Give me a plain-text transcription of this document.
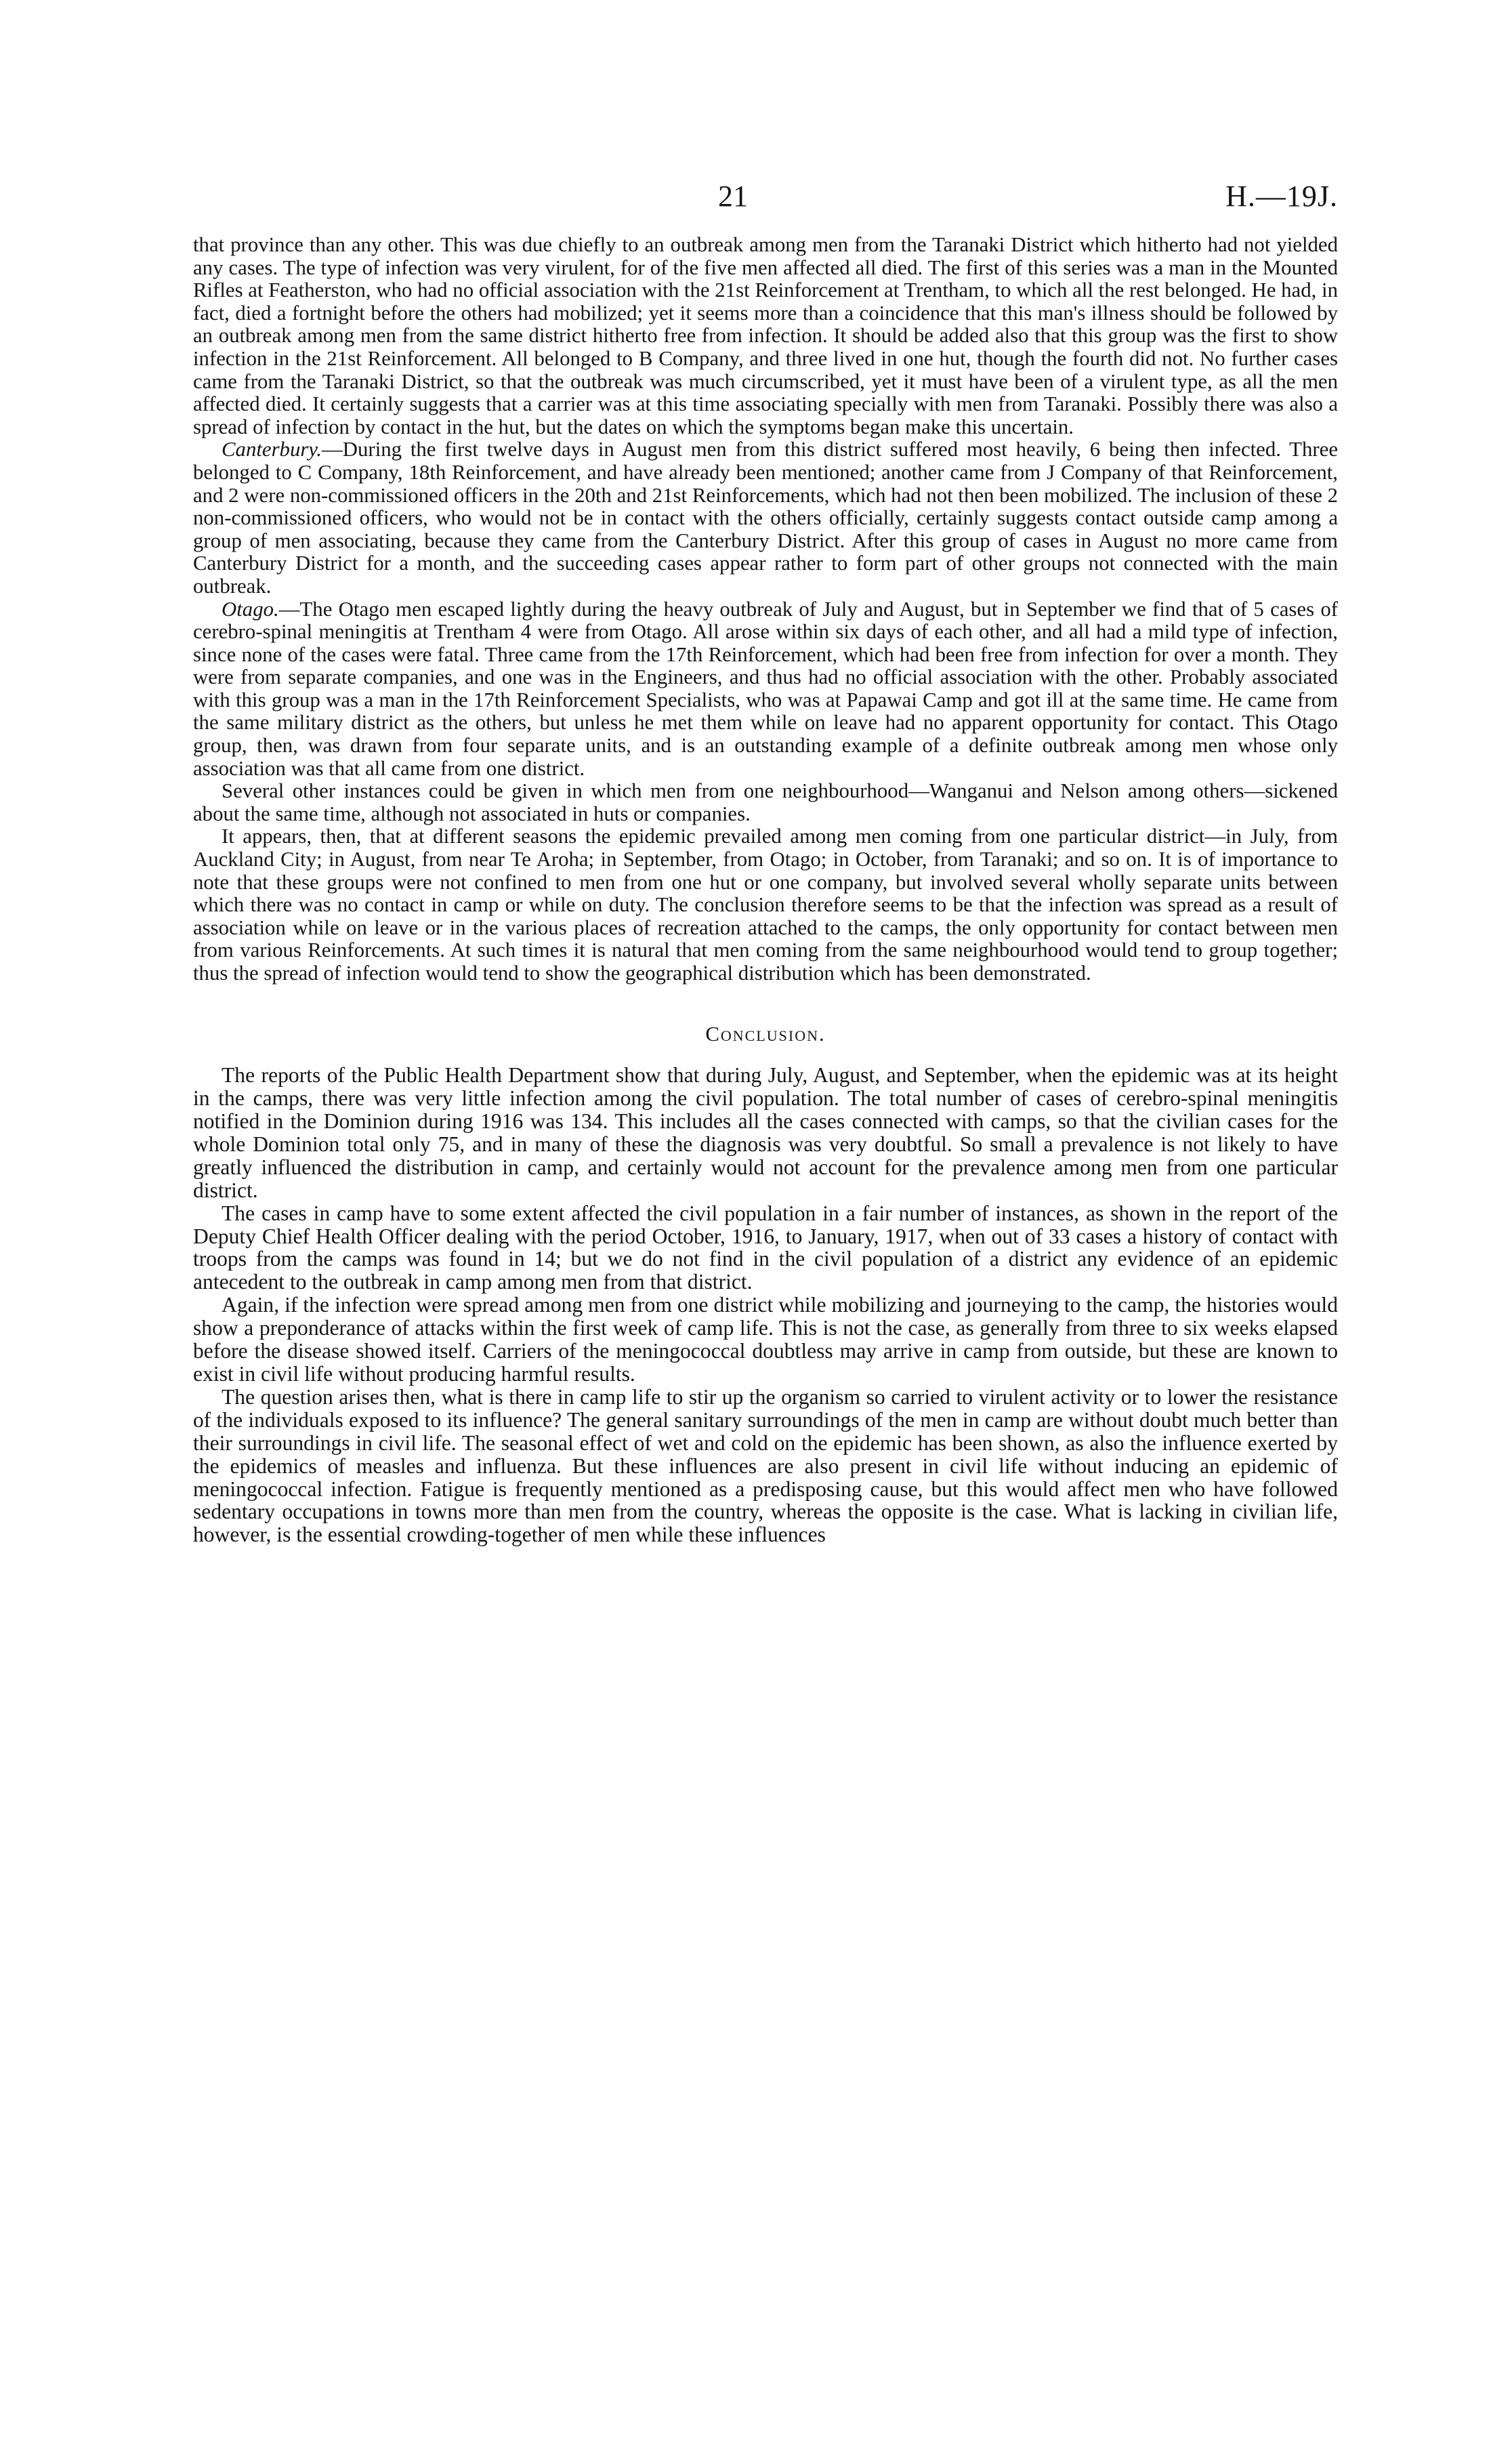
21	H.—19J.

that province than any other. This was due chiefly to an outbreak among men from the Taranaki District which hitherto had not yielded any cases. The type of infection was very virulent, for of the five men affected all died. The first of this series was a man in the Mounted Rifles at Featherston, who had no official association with the 21st Reinforcement at Trentham, to which all the rest belonged. He had, in fact, died a fortnight before the others had mobilized; yet it seems more than a coincidence that this man's illness should be followed by an outbreak among men from the same district hitherto free from infection. It should be added also that this group was the first to show infection in the 21st Reinforcement. All belonged to B Company, and three lived in one hut, though the fourth did not. No further cases came from the Taranaki District, so that the outbreak was much circumscribed, yet it must have been of a virulent type, as all the men affected died. It certainly suggests that a carrier was at this time associating specially with men from Taranaki. Possibly there was also a spread of infection by contact in the hut, but the dates on which the symptoms began make this uncertain.

Canterbury.—During the first twelve days in August men from this district suffered most heavily, 6 being then infected. Three belonged to C Company, 18th Reinforcement, and have already been mentioned; another came from J Company of that Reinforcement, and 2 were non-commissioned officers in the 20th and 21st Reinforcements, which had not then been mobilized. The inclusion of these 2 non-commissioned officers, who would not be in contact with the others officially, certainly suggests contact outside camp among a group of men associating, because they came from the Canterbury District. After this group of cases in August no more came from Canterbury District for a month, and the succeeding cases appear rather to form part of other groups not connected with the main outbreak.

Otago.—The Otago men escaped lightly during the heavy outbreak of July and August, but in September we find that of 5 cases of cerebro-spinal meningitis at Trentham 4 were from Otago. All arose within six days of each other, and all had a mild type of infection, since none of the cases were fatal. Three came from the 17th Reinforcement, which had been free from infection for over a month. They were from separate companies, and one was in the Engineers, and thus had no official association with the other. Probably associated with this group was a man in the 17th Reinforcement Specialists, who was at Papawai Camp and got ill at the same time. He came from the same military district as the others, but unless he met them while on leave had no apparent opportunity for contact. This Otago group, then, was drawn from four separate units, and is an outstanding example of a definite outbreak among men whose only association was that all came from one district.

Several other instances could be given in which men from one neighbourhood—Wanganui and Nelson among others—sickened about the same time, although not associated in huts or companies.

It appears, then, that at different seasons the epidemic prevailed among men coming from one particular district—in July, from Auckland City; in August, from near Te Aroha; in September, from Otago; in October, from Taranaki; and so on. It is of importance to note that these groups were not confined to men from one hut or one company, but involved several wholly separate units between which there was no contact in camp or while on duty. The conclusion therefore seems to be that the infection was spread as a result of association while on leave or in the various places of recreation attached to the camps, the only opportunity for contact between men from various Reinforcements. At such times it is natural that men coming from the same neighbourhood would tend to group together; thus the spread of infection would tend to show the geographical distribution which has been demonstrated.

Conclusion.

The reports of the Public Health Department show that during July, August, and September, when the epidemic was at its height in the camps, there was very little infection among the civil population. The total number of cases of cerebro-spinal meningitis notified in the Dominion during 1916 was 134. This includes all the cases connected with camps, so that the civilian cases for the whole Dominion total only 75, and in many of these the diagnosis was very doubtful. So small a prevalence is not likely to have greatly influenced the distribution in camp, and certainly would not account for the prevalence among men from one particular district.

The cases in camp have to some extent affected the civil population in a fair number of instances, as shown in the report of the Deputy Chief Health Officer dealing with the period October, 1916, to January, 1917, when out of 33 cases a history of contact with troops from the camps was found in 14; but we do not find in the civil population of a district any evidence of an epidemic antecedent to the outbreak in camp among men from that district.

Again, if the infection were spread among men from one district while mobilizing and journeying to the camp, the histories would show a preponderance of attacks within the first week of camp life. This is not the case, as generally from three to six weeks elapsed before the disease showed itself. Carriers of the meningococcal doubtless may arrive in camp from outside, but these are known to exist in civil life without producing harmful results.

The question arises then, what is there in camp life to stir up the organism so carried to virulent activity or to lower the resistance of the individuals exposed to its influence? The general sanitary surroundings of the men in camp are without doubt much better than their surroundings in civil life. The seasonal effect of wet and cold on the epidemic has been shown, as also the influence exerted by the epidemics of measles and influenza. But these influences are also present in civil life without inducing an epidemic of meningococcal infection. Fatigue is frequently mentioned as a predisposing cause, but this would affect men who have followed sedentary occupations in towns more than men from the country, whereas the opposite is the case. What is lacking in civilian life, however, is the essential crowding-together of men while these influences
